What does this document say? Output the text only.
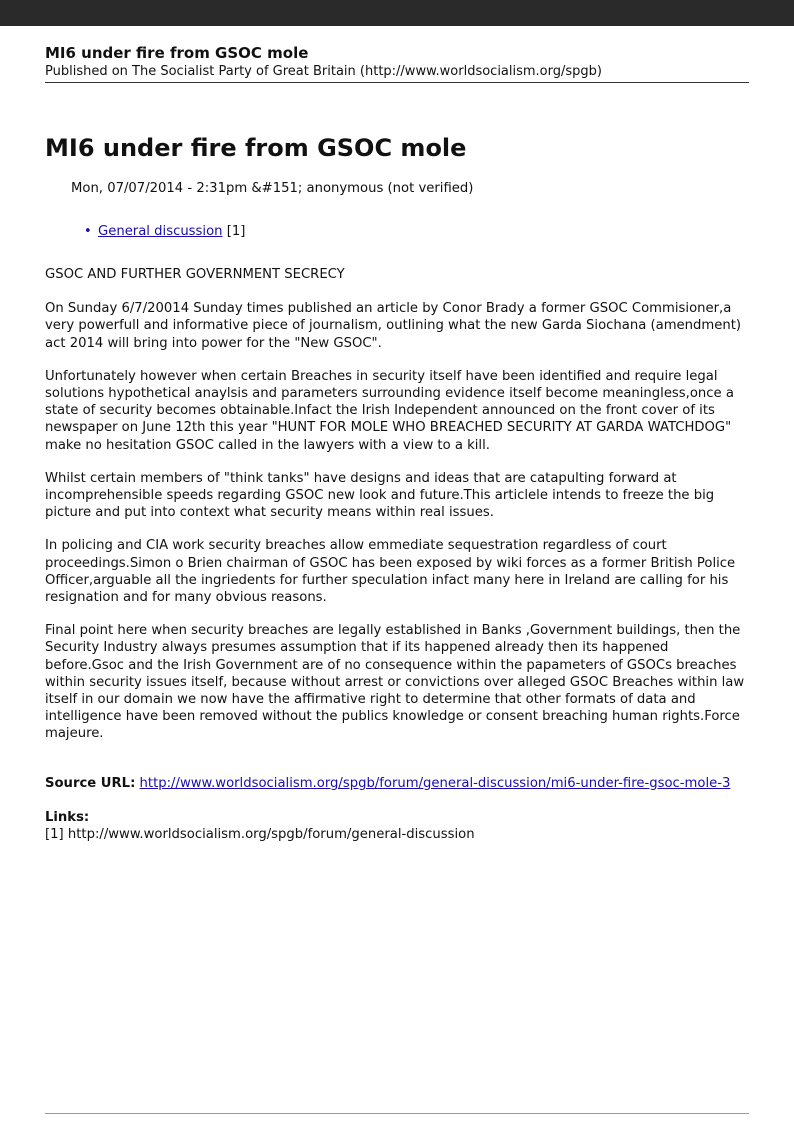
MI6 under fire from GSOC mole
Published on The Socialist Party of Great Britain (http://www.worldsocialism.org/spgb)
MI6 under fire from GSOC mole
Mon, 07/07/2014 - 2:31pm &#151; anonymous (not verified)
• General discussion [1]

GSOC AND FURTHER GOVERNMENT SECRECY

On Sunday 6/7/20014 Sunday times published an article by Conor Brady a former GSOC Commisioner,a very powerfull and informative piece of journalism, outlining what the new Garda Siochana (amendment) act 2014 will bring into power for the "New GSOC".

Unfortunately however when certain Breaches in security itself have been identified and require legal solutions hypothetical anaylsis and parameters surrounding evidence itself become meaningless,once a state of security becomes obtainable.Infact the Irish Independent announced on the front cover of its newspaper on June 12th this year "HUNT FOR MOLE WHO BREACHED SECURITY AT GARDA WATCHDOG" make no hesitation GSOC called in the lawyers with a view to a kill.

Whilst certain members of "think tanks" have designs and ideas that are catapulting forward at incomprehensible speeds regarding GSOC new look and future.This articlele intends to freeze the big picture and put into context what security means within real issues.

In policing and CIA work security breaches allow emmediate sequestration regardless of court proceedings.Simon o Brien chairman of GSOC has been exposed by wiki forces as a former British Police Officer,arguable all the ingriedents for further speculation infact many here in Ireland are calling for his resignation and for many obvious reasons.

Final point here when security breaches are legally established in Banks ,Government buildings, then the Security Industry always presumes assumption that if its happened already then its happened before.Gsoc and the Irish Government are of no consequence within the papameters of GSOCs breaches within security issues itself, because without arrest or convictions over alleged GSOC Breaches within law itself in our domain we now have the affirmative right to determine that other formats of data and intelligence have been removed without the publics knowledge or consent breaching human rights.Force majeure.

Source URL: http://www.worldsocialism.org/spgb/forum/general-discussion/mi6-under-fire-gsoc-mole-3
Links:
[1] http://www.worldsocialism.org/spgb/forum/general-discussion
